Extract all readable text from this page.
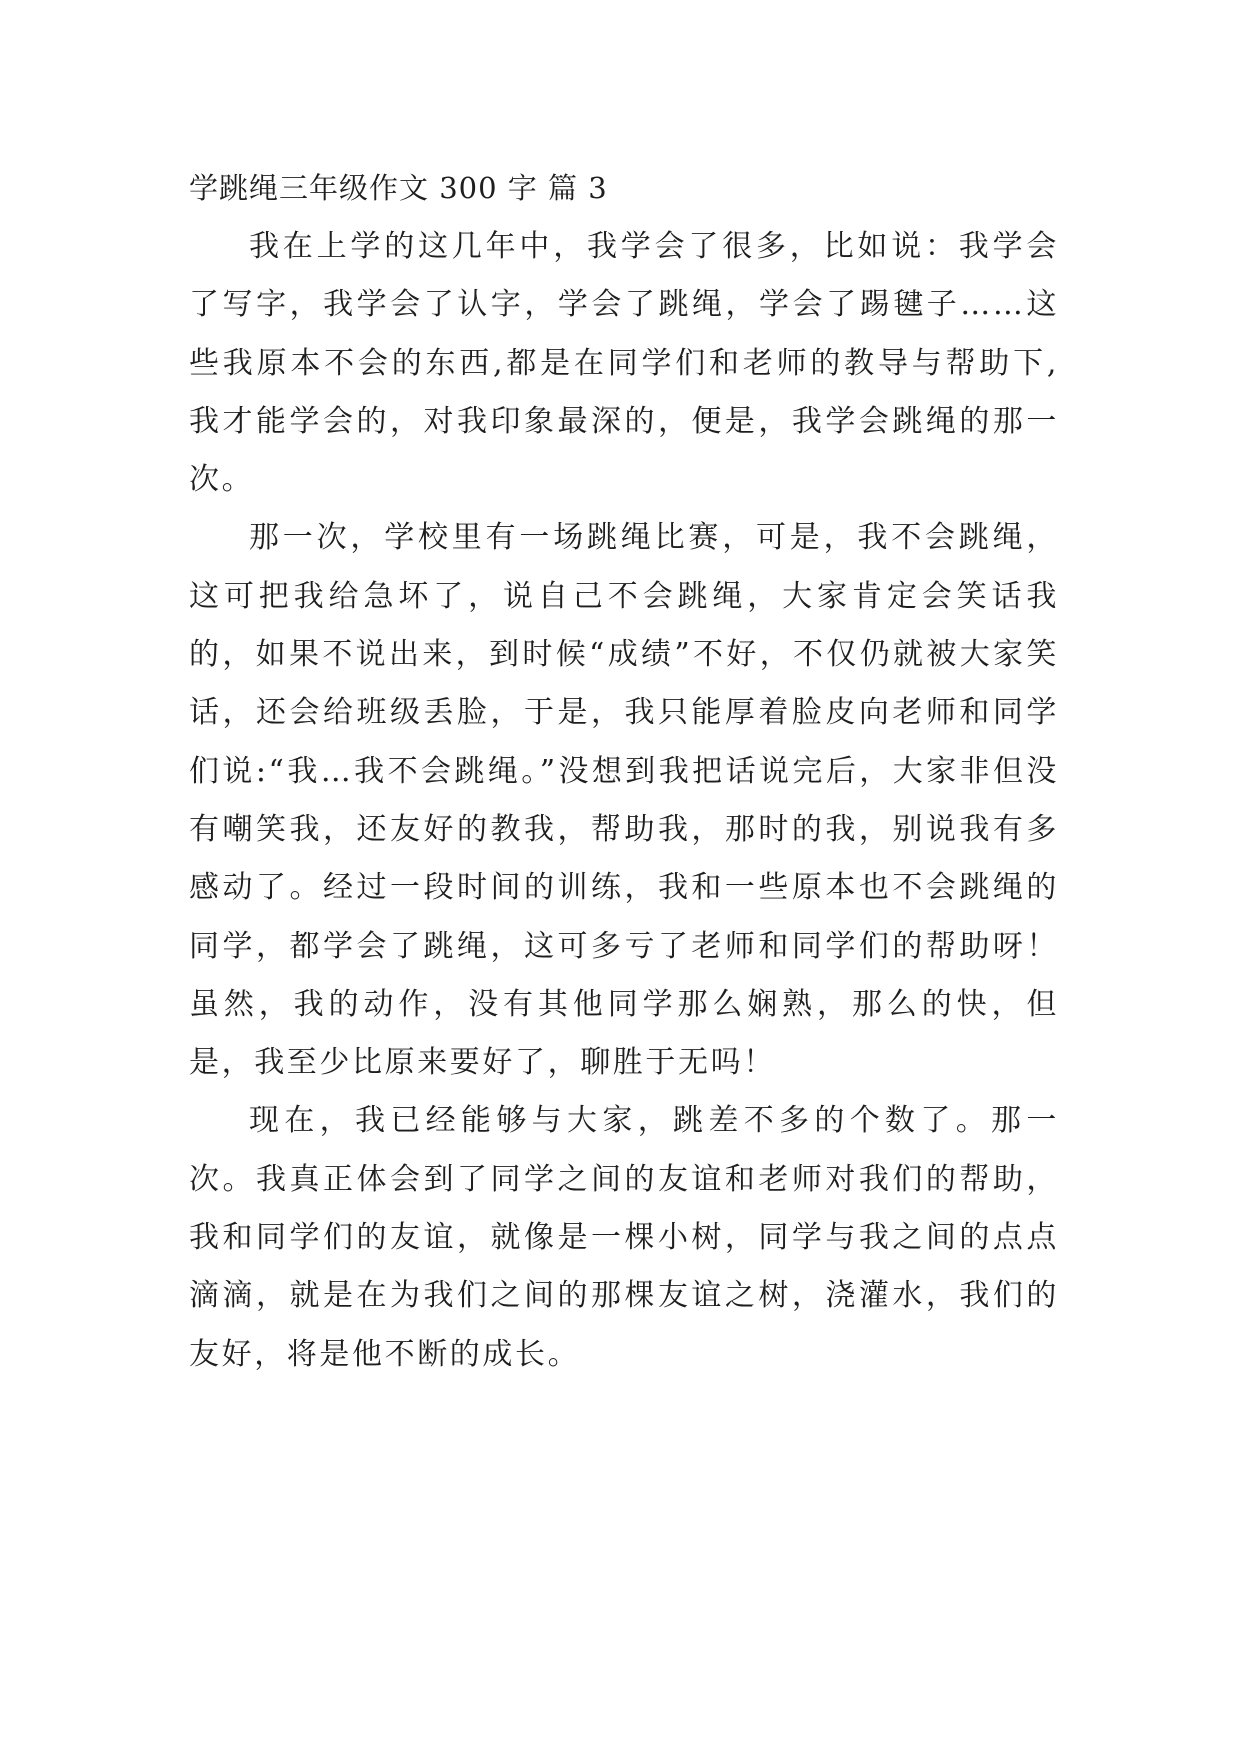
学跳绳三年级作文 300 字 篇 3

我在上学的这几年中，我学会了很多，比如说：我学会了写字，我学会了认字，学会了跳绳，学会了踢毽子……这些我原本不会的东西,都是在同学们和老师的教导与帮助下,我才能学会的，对我印象最深的，便是，我学会跳绳的那一次。

那一次，学校里有一场跳绳比赛，可是，我不会跳绳，这可把我给急坏了，说自己不会跳绳，大家肯定会笑话我的，如果不说出来，到时候“成绩”不好，不仅仍就被大家笑话，还会给班级丢脸，于是，我只能厚着脸皮向老师和同学们说:“我…我不会跳绳。”没想到我把话说完后，大家非但没有嘲笑我，还友好的教我，帮助我，那时的我，别说我有多感动了。经过一段时间的训练，我和一些原本也不会跳绳的同学，都学会了跳绳，这可多亏了老师和同学们的帮助呀！虽然，我的动作，没有其他同学那么娴熟，那么的快，但是，我至少比原来要好了，聊胜于无吗！

现在，我已经能够与大家，跳差不多的个数了。那一次。我真正体会到了同学之间的友谊和老师对我们的帮助，我和同学们的友谊，就像是一棵小树，同学与我之间的点点滴滴，就是在为我们之间的那棵友谊之树，浇灌水，我们的友好，将是他不断的成长。
